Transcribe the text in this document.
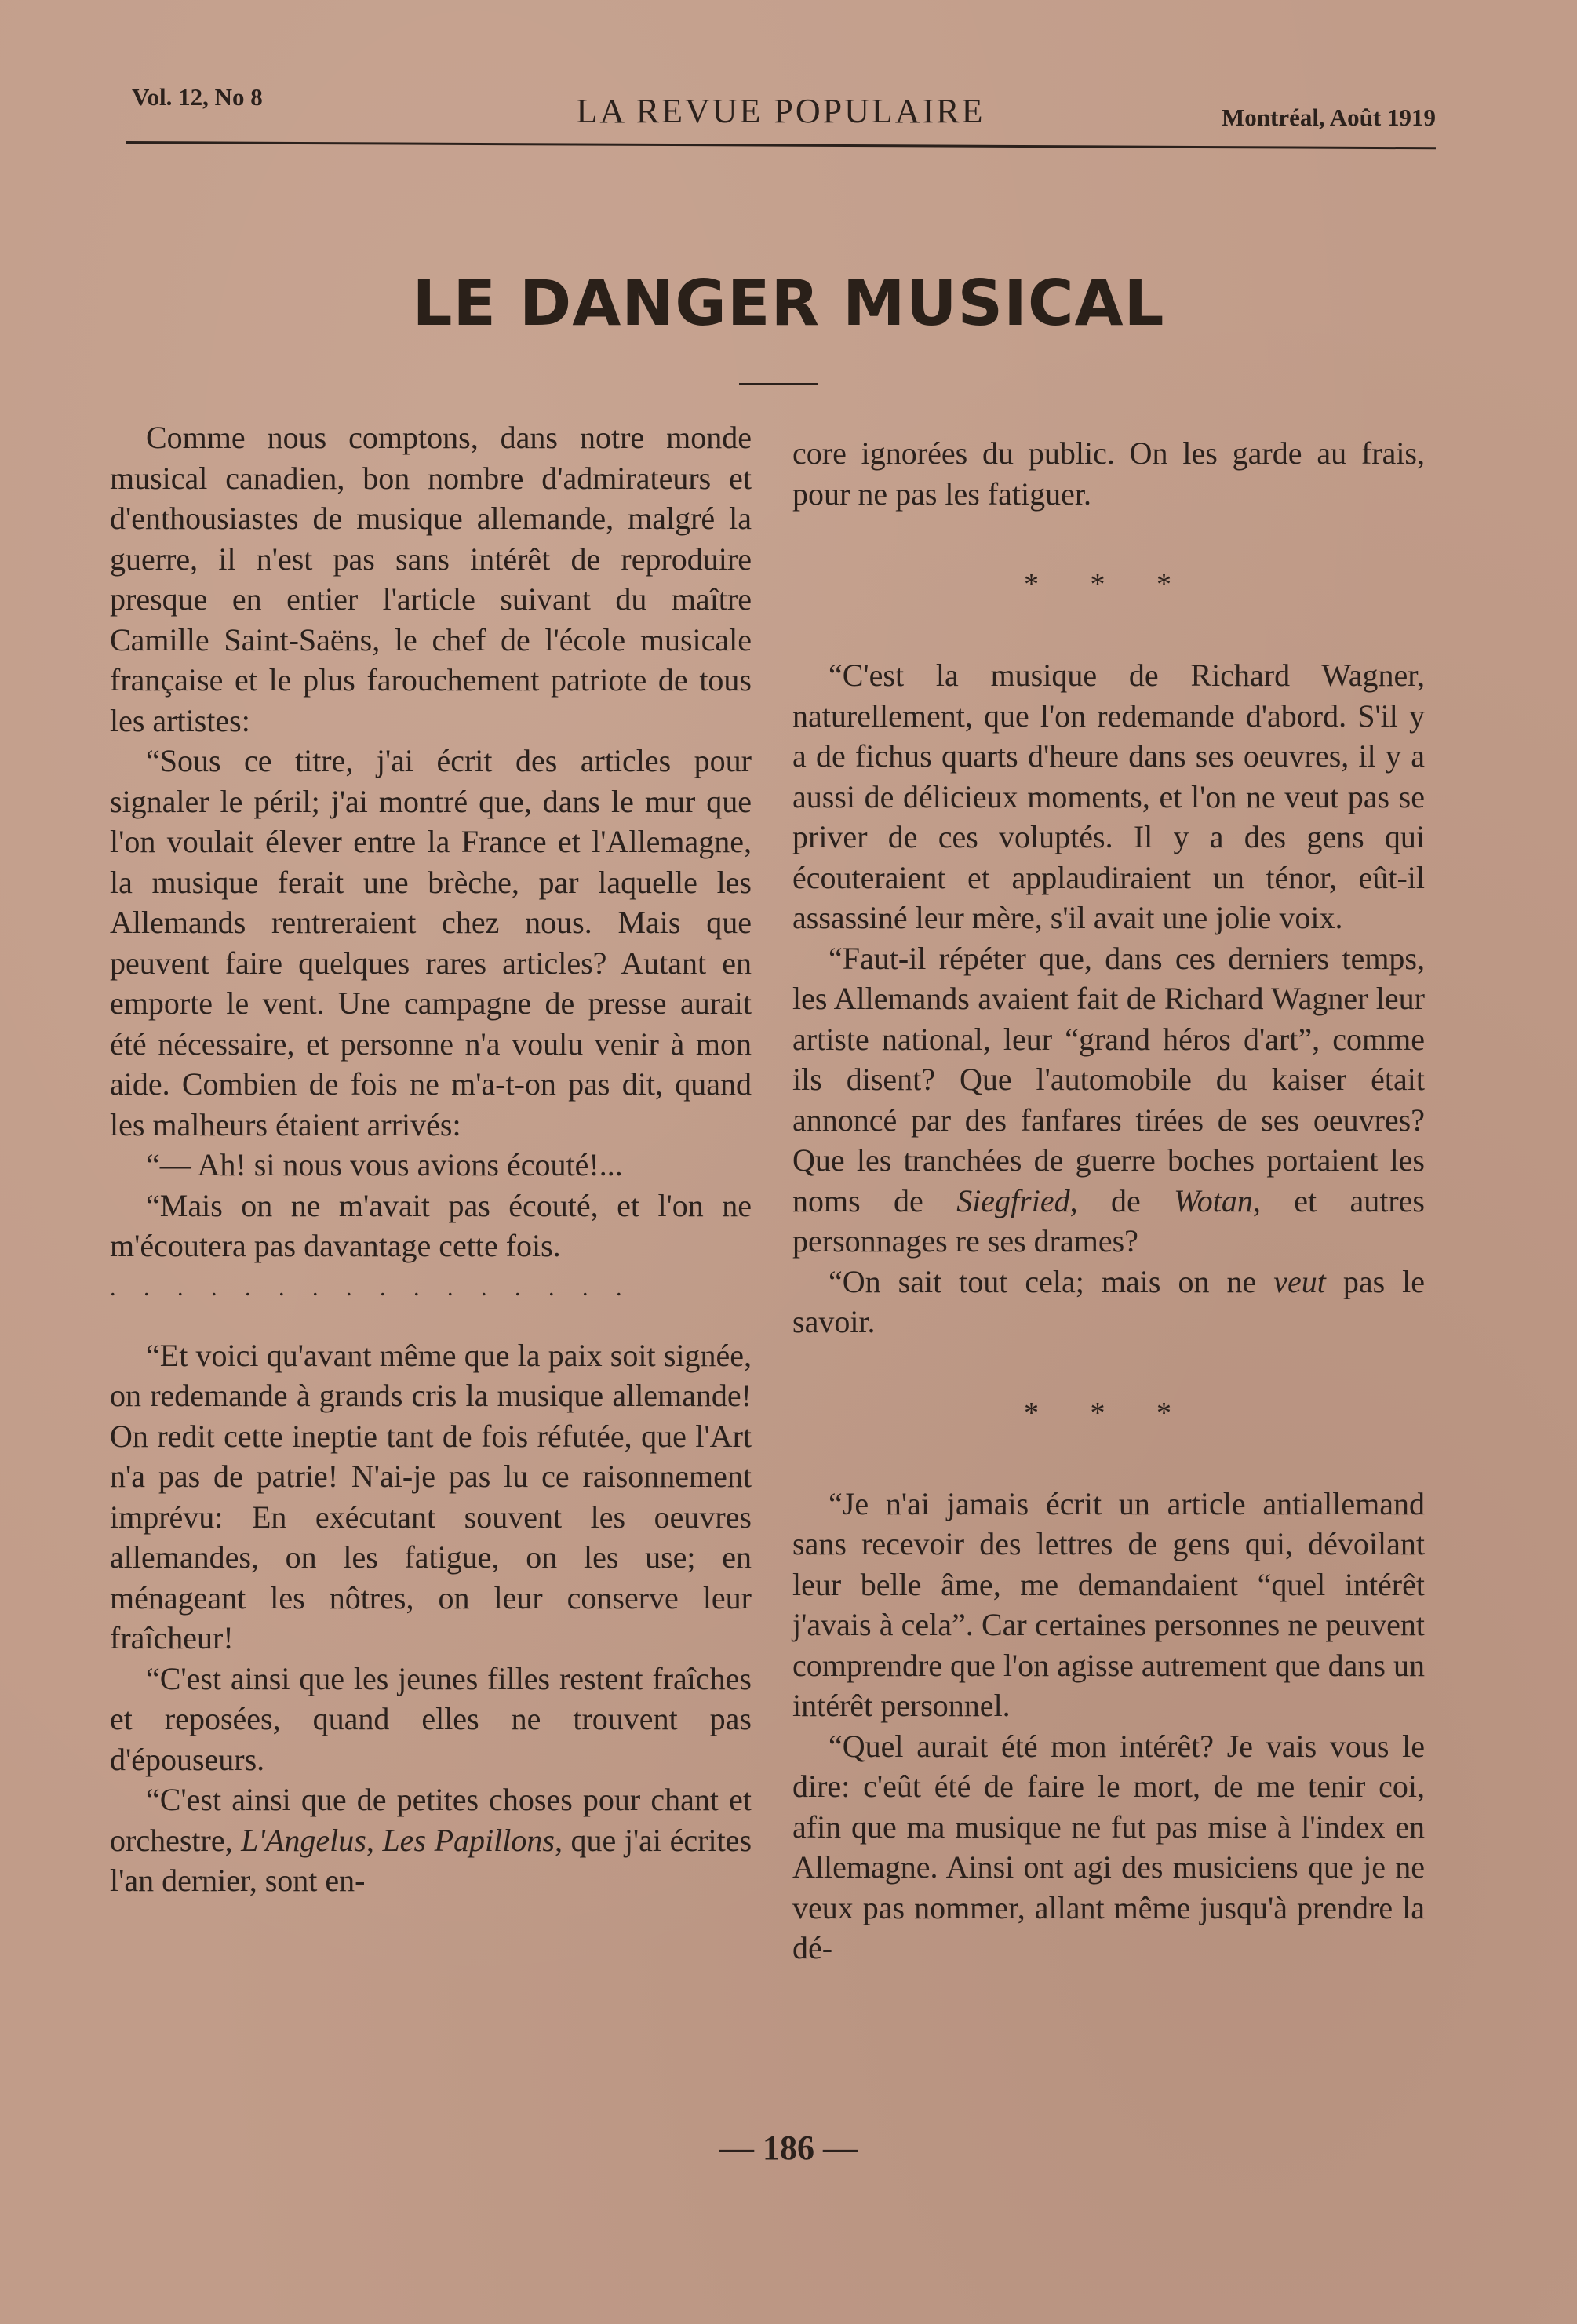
Vol. 12, No 8	LA REVUE POPULAIRE	Montréal, Août 1919
LE DANGER MUSICAL

Comme nous comptons, dans notre monde musical canadien, bon nombre d'admirateurs et d'enthousiastes de musique allemande, malgré la guerre, il n'est pas sans intérêt de reproduire presque en entier l'article suivant du maître Camille Saint-Saëns, le chef de l'école musicale française et le plus farouchement patriote de tous les artistes:

“Sous ce titre, j'ai écrit des articles pour signaler le péril; j'ai montré que, dans le mur que l'on voulait élever entre la France et l'Allemagne, la musique ferait une brèche, par laquelle les Allemands rentreraient chez nous. Mais que peuvent faire quelques rares articles? Autant en emporte le vent. Une campagne de presse aurait été nécessaire, et personne n'a voulu venir à mon aide. Combien de fois ne m'a-t-on pas dit, quand les malheurs étaient arrivés:

“— Ah! si nous vous avions écouté!...

“Mais on ne m'avait pas écouté, et l'on ne m'écoutera pas davantage cette fois.

. . . . . . . . . . . . . . . .

“Et voici qu'avant même que la paix soit signée, on redemande à grands cris la musique allemande! On redit cette ineptie tant de fois réfutée, que l'Art n'a pas de patrie! N'ai-je pas lu ce raisonnement imprévu: En exécutant souvent les oeuvres allemandes, on les fatigue, on les use; en ménageant les nôtres, on leur conserve leur fraîcheur!

“C'est ainsi que les jeunes filles restent fraîches et reposées, quand elles ne trouvent pas d'épouseurs.

“C'est ainsi que de petites choses pour chant et orchestre, L'Angelus, Les Papillons, que j'ai écrites l'an dernier, sont en-

core ignorées du public. On les garde au frais, pour ne pas les fatiguer.

* * *

“C'est la musique de Richard Wagner, naturellement, que l'on redemande d'abord. S'il y a de fichus quarts d'heure dans ses oeuvres, il y a aussi de délicieux moments, et l'on ne veut pas se priver de ces voluptés. Il y a des gens qui écouteraient et applaudiraient un ténor, eût-il assassiné leur mère, s'il avait une jolie voix.

“Faut-il répéter que, dans ces derniers temps, les Allemands avaient fait de Richard Wagner leur artiste national, leur “grand héros d'art”, comme ils disent? Que l'automobile du kaiser était annoncé par des fanfares tirées de ses oeuvres? Que les tranchées de guerre boches portaient les noms de Siegfried, de Wotan, et autres personnages re ses drames?

“On sait tout cela; mais on ne veut pas le savoir.

* * *

“Je n'ai jamais écrit un article antiallemand sans recevoir des lettres de gens qui, dévoilant leur belle âme, me demandaient “quel intérêt j'avais à cela”. Car certaines personnes ne peuvent comprendre que l'on agisse autrement que dans un intérêt personnel.

“Quel aurait été mon intérêt? Je vais vous le dire: c'eût été de faire le mort, de me tenir coi, afin que ma musique ne fut pas mise à l'index en Allemagne. Ainsi ont agi des musiciens que je ne veux pas nommer, allant même jusqu'à prendre la dé-

— 186 —
